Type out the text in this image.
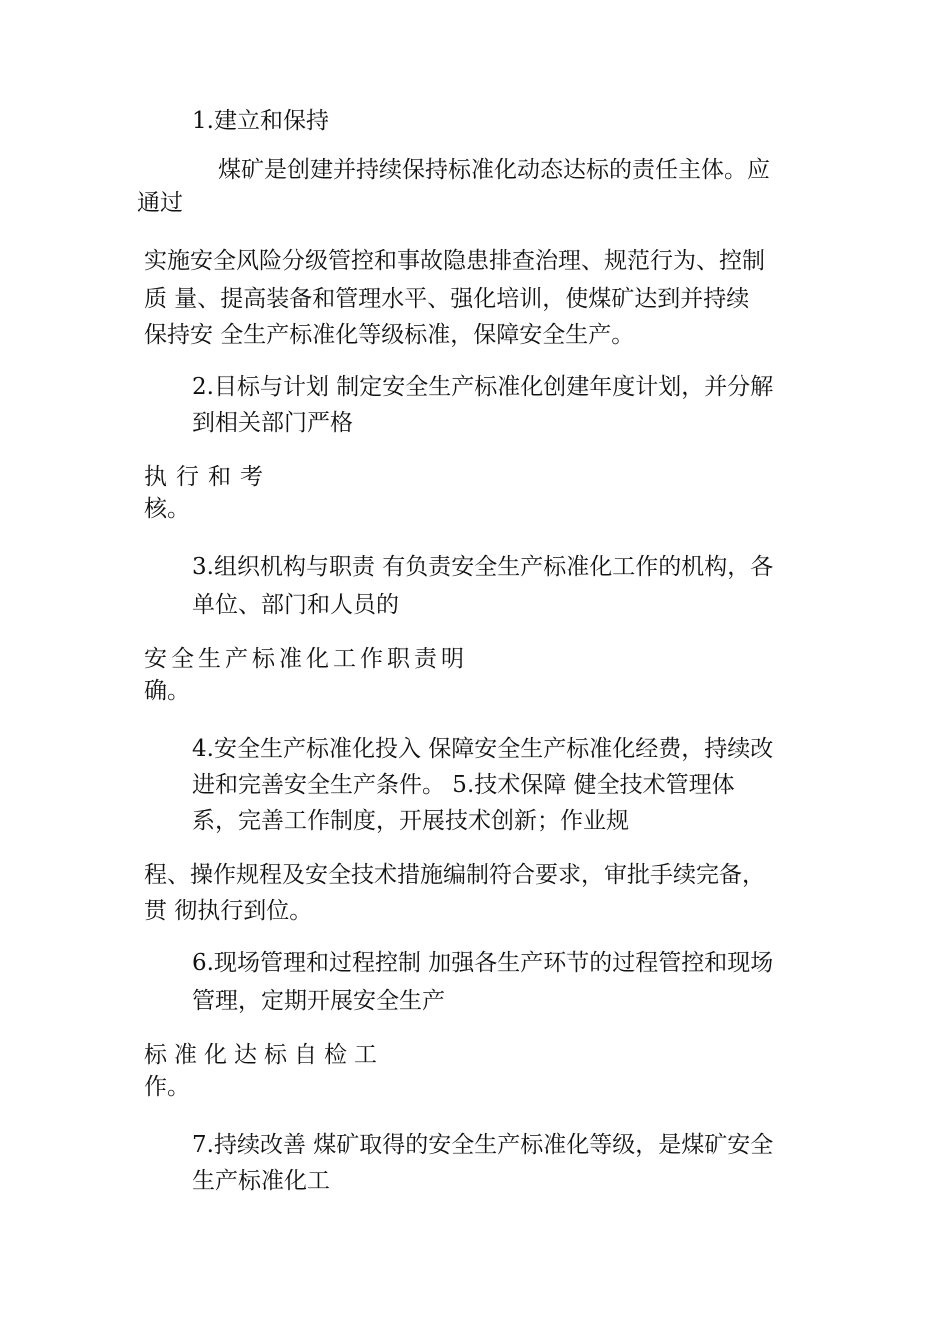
1.建立和保持
煤矿是创建并持续保持标准化动态达标的责任主体。应
通过
实施安全风险分级管控和事故隐患排查治理、规范行为、控制
质 量、提高装备和管理水平、强化培训，使煤矿达到并持续
保持安 全生产标准化等级标准，保障安全生产。
2.目标与计划 制定安全生产标准化创建年度计划，并分解
到相关部门严格
执行和考
核。
3.组织机构与职责 有负责安全生产标准化工作的机构，各
单位、部门和人员的
安全生产标准化工作职责明
确。
4.安全生产标准化投入 保障安全生产标准化经费，持续改
进和完善安全生产条件。 5.技术保障 健全技术管理体
系，完善工作制度，开展技术创新；作业规
程、操作规程及安全技术措施编制符合要求，审批手续完备，
贯 彻执行到位。
6.现场管理和过程控制 加强各生产环节的过程管控和现场
管理，定期开展安全生产
标准化达标自检工
作。
7.持续改善 煤矿取得的安全生产标准化等级，是煤矿安全
生产标准化工
